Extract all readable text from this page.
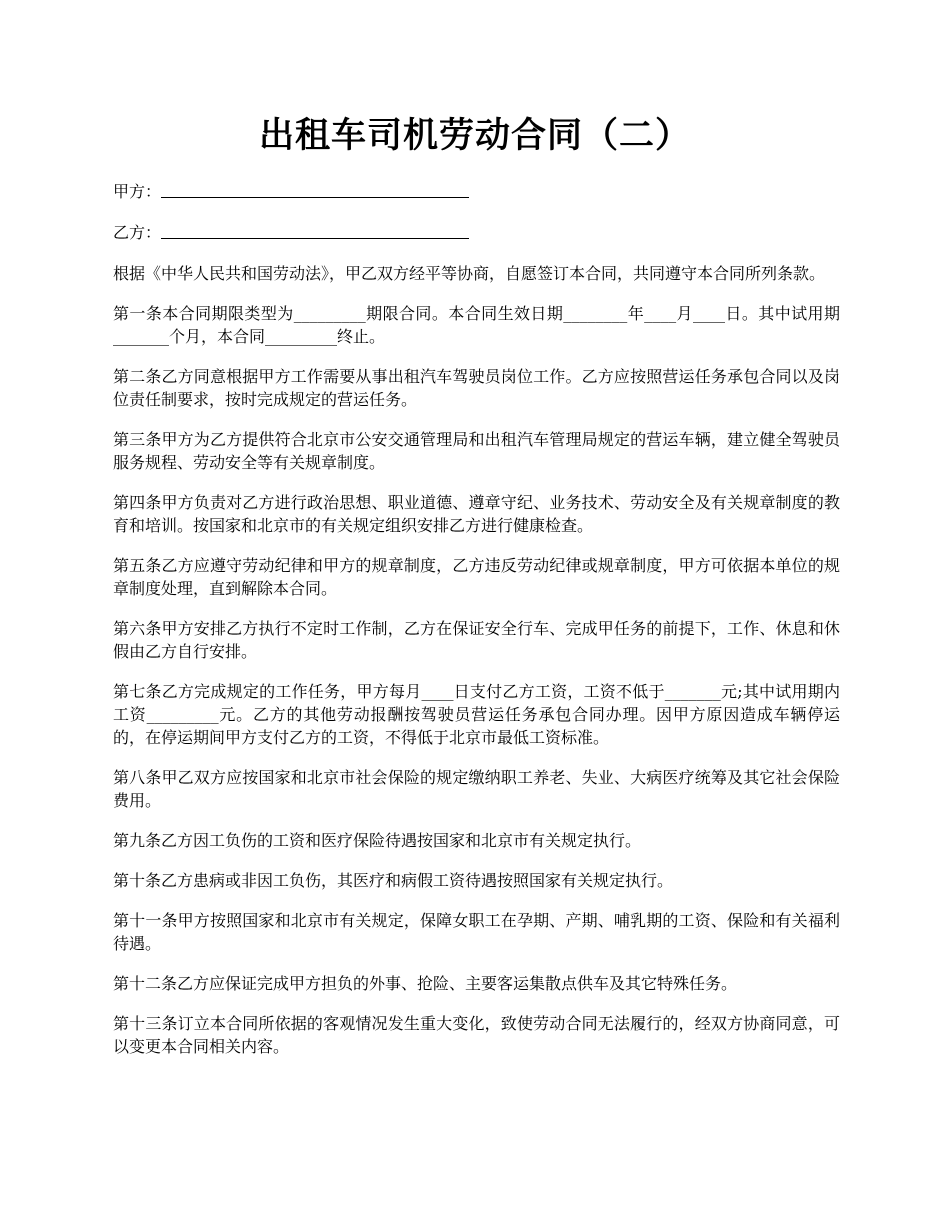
出租车司机劳动合同（二）
甲方：
乙方：

根据《中华人民共和国劳动法》，甲乙双方经平等协商，自愿签订本合同，共同遵守本合同所列条款。

第一条本合同期限类型为_________期限合同。本合同生效日期________年____月____日。其中试用期_______个月，本合同_________终止。

第二条乙方同意根据甲方工作需要从事出租汽车驾驶员岗位工作。乙方应按照营运任务承包合同以及岗位责任制要求，按时完成规定的营运任务。

第三条甲方为乙方提供符合北京市公安交通管理局和出租汽车管理局规定的营运车辆，建立健全驾驶员服务规程、劳动安全等有关规章制度。

第四条甲方负责对乙方进行政治思想、职业道德、遵章守纪、业务技术、劳动安全及有关规章制度的教育和培训。按国家和北京市的有关规定组织安排乙方进行健康检查。

第五条乙方应遵守劳动纪律和甲方的规章制度，乙方违反劳动纪律或规章制度，甲方可依据本单位的规章制度处理，直到解除本合同。

第六条甲方安排乙方执行不定时工作制，乙方在保证安全行车、完成甲任务的前提下，工作、休息和休假由乙方自行安排。

第七条乙方完成规定的工作任务，甲方每月____日支付乙方工资，工资不低于_______元;其中试用期内工资_________元。乙方的其他劳动报酬按驾驶员营运任务承包合同办理。因甲方原因造成车辆停运的，在停运期间甲方支付乙方的工资，不得低于北京市最低工资标准。

第八条甲乙双方应按国家和北京市社会保险的规定缴纳职工养老、失业、大病医疗统筹及其它社会保险费用。

第九条乙方因工负伤的工资和医疗保险待遇按国家和北京市有关规定执行。

第十条乙方患病或非因工负伤，其医疗和病假工资待遇按照国家有关规定执行。

第十一条甲方按照国家和北京市有关规定，保障女职工在孕期、产期、哺乳期的工资、保险和有关福利待遇。

第十二条乙方应保证完成甲方担负的外事、抢险、主要客运集散点供车及其它特殊任务。

第十三条订立本合同所依据的客观情况发生重大变化，致使劳动合同无法履行的，经双方协商同意，可以变更本合同相关内容。
